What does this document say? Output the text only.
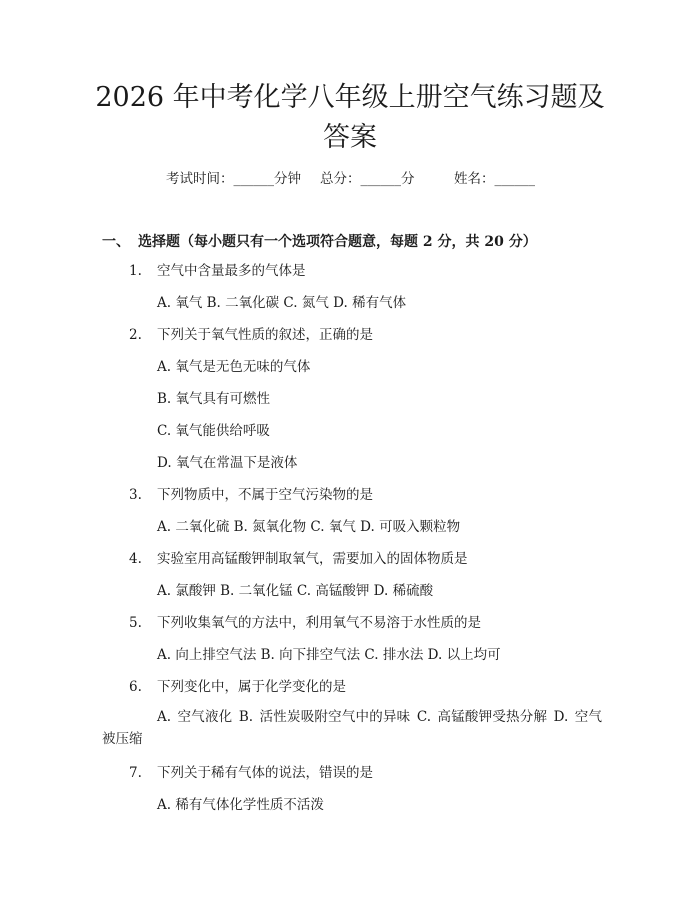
2026 年中考化学八年级上册空气练习题及答案
考试时间：______分钟 总分：______分	姓名：______
一、 选择题（每小题只有一个选项符合题意，每题 2 分，共 20 分）
1. 空气中含量最多的气体是
A. 氧气 B. 二氧化碳 C. 氮气 D. 稀有气体
2. 下列关于氧气性质的叙述，正确的是
A. 氧气是无色无味的气体
B. 氧气具有可燃性
C. 氧气能供给呼吸
D. 氧气在常温下是液体
3. 下列物质中，不属于空气污染物的是
A. 二氧化硫 B. 氮氧化物 C. 氧气 D. 可吸入颗粒物
4. 实验室用高锰酸钾制取氧气，需要加入的固体物质是
A. 氯酸钾 B. 二氧化锰 C. 高锰酸钾 D. 稀硫酸
5. 下列收集氧气的方法中，利用氧气不易溶于水性质的是
A. 向上排空气法 B. 向下排空气法 C. 排水法 D. 以上均可
6. 下列变化中，属于化学变化的是
A. 空气液化 B. 活性炭吸附空气中的异味 C. 高锰酸钾受热分解 D. 空气被压缩
7. 下列关于稀有气体的说法，错误的是
A. 稀有气体化学性质不活泼
